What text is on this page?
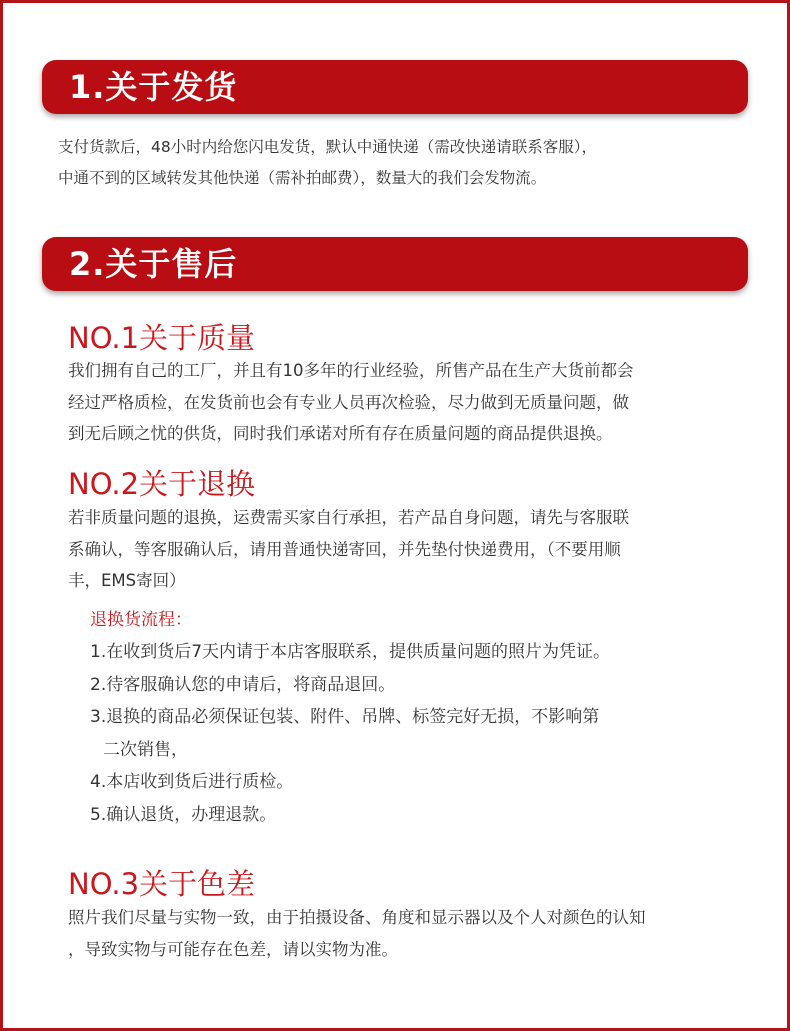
1.关于发货
支付货款后，48小时内给您闪电发货，默认中通快递（需改快递请联系客服），
中通不到的区域转发其他快递（需补拍邮费），数量大的我们会发物流。
2.关于售后
NO.1关于质量
我们拥有自己的工厂，并且有10多年的行业经验，所售产品在生产大货前都会
经过严格质检，在发货前也会有专业人员再次检验，尽力做到无质量问题，做
到无后顾之忧的供货，同时我们承诺对所有存在质量问题的商品提供退换。
NO.2关于退换
若非质量问题的退换，运费需买家自行承担，若产品自身问题，请先与客服联
系确认，等客服确认后，请用普通快递寄回，并先垫付快递费用，（不要用顺
丰，EMS寄回）
退换货流程：
1.在收到货后7天内请于本店客服联系，提供质量问题的照片为凭证。
2.待客服确认您的申请后，将商品退回。
3.退换的商品必须保证包装、附件、吊牌、标签完好无损，不影响第
二次销售，
4.本店收到货后进行质检。
5.确认退货，办理退款。
NO.3关于色差
照片我们尽量与实物一致，由于拍摄设备、角度和显示器以及个人对颜色的认知
，导致实物与可能存在色差，请以实物为准。
